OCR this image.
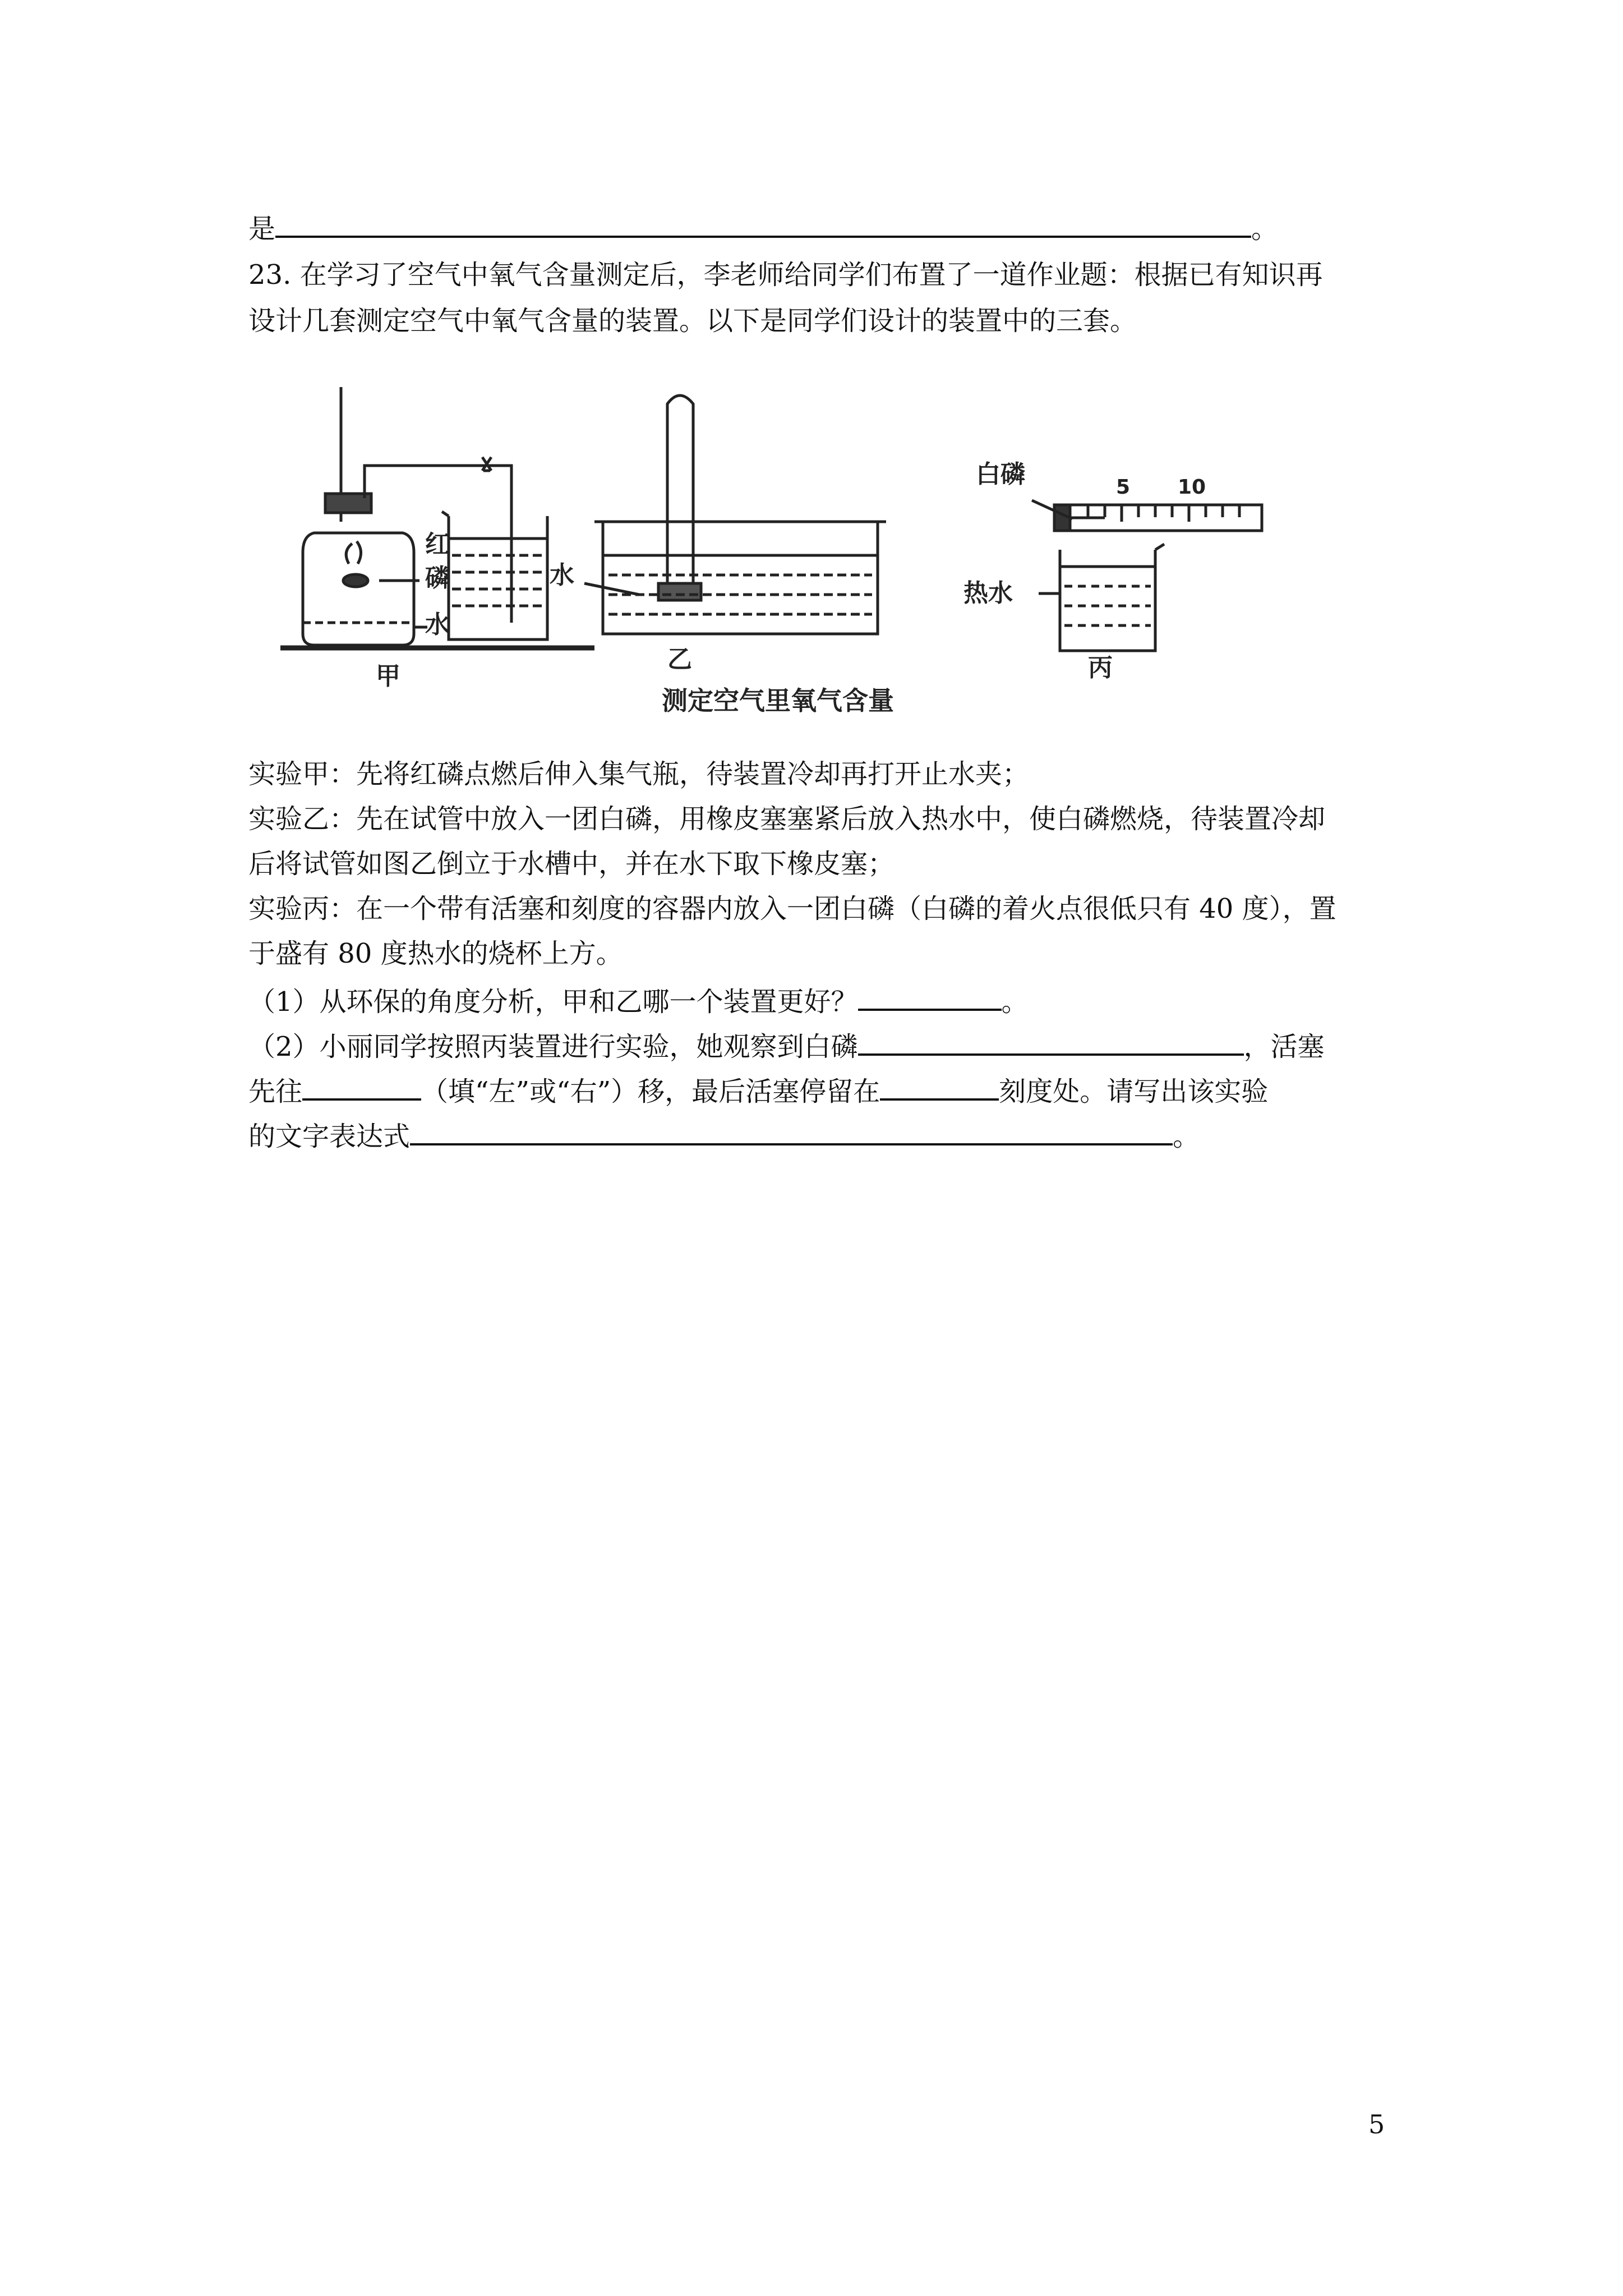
是	。
23. 在学习了空气中氧气含量测定后，李老师给同学们布置了一道作业题：根据已有知识再
设计几套测定空气中氧气含量的装置。以下是同学们设计的装置中的三套。
红
磷
水
甲
水
乙
白磷	5 10
热水
丙
测定空气里氧气含量
实验甲：先将红磷点燃后伸入集气瓶，待装置冷却再打开止水夹；
实验乙：先在试管中放入一团白磷，用橡皮塞塞紧后放入热水中，使白磷燃烧，待装置冷却
后将试管如图乙倒立于水槽中，并在水下取下橡皮塞；
实验丙：在一个带有活塞和刻度的容器内放入一团白磷（白磷的着火点很低只有 40 度），置
于盛有 80 度热水的烧杯上方。
（1）从环保的角度分析，甲和乙哪一个装置更好？	。
（2）小丽同学按照丙装置进行实验，她观察到白磷	，活塞
先往	（填“左”或“右”）移，最后活塞停留在	刻度处。请写出该实验
的文字表达式	。
5
